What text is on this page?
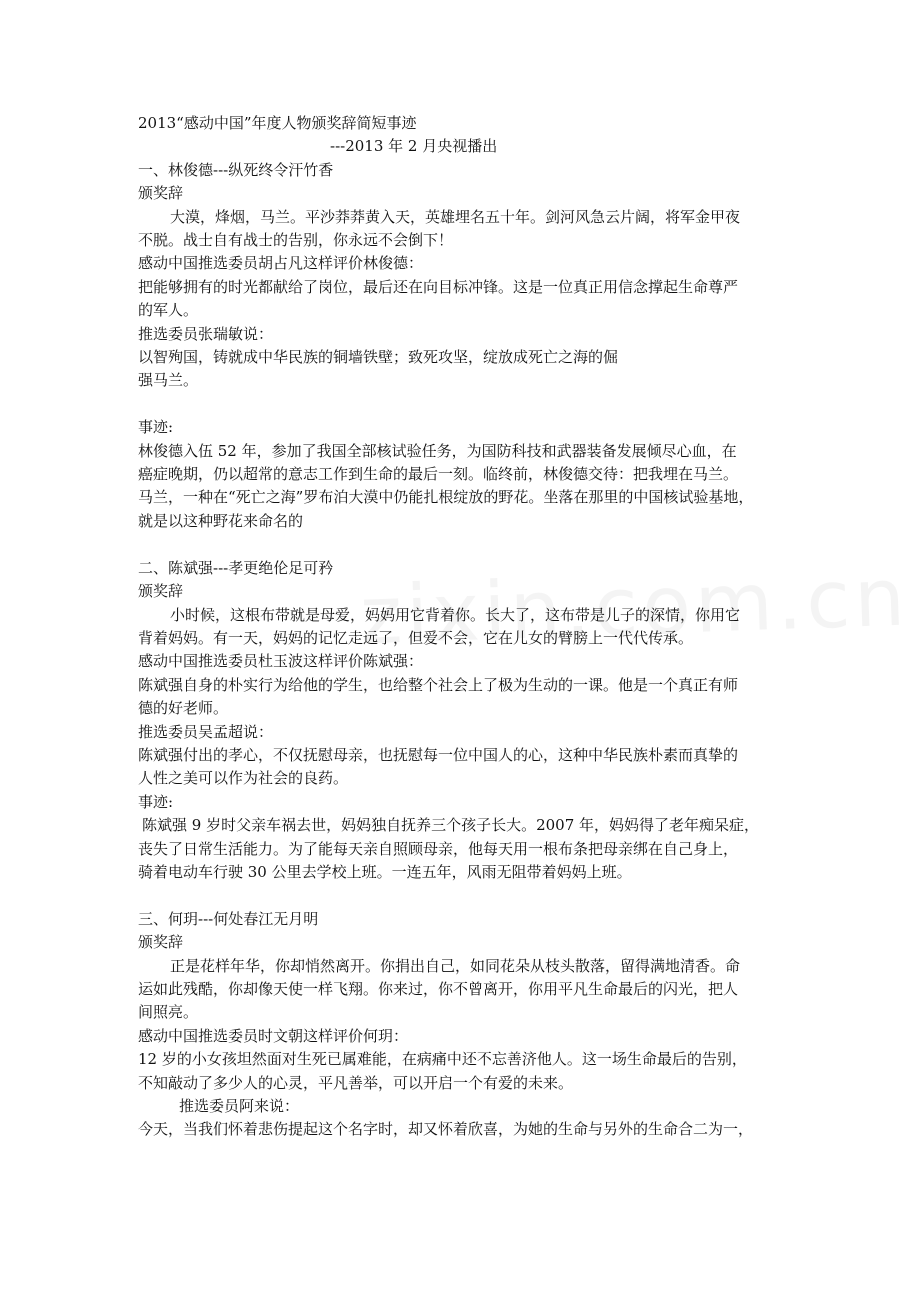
2013“感动中国”年度人物颁奖辞简短事迹
---2013 年 2 月央视播出
一、林俊德---纵死终令汗竹香
颁奖辞
大漠，烽烟，马兰。平沙莽莽黄入天，英雄埋名五十年。剑河风急云片阔，将军金甲夜
不脱。战士自有战士的告别，你永远不会倒下！
感动中国推选委员胡占凡这样评价林俊德：
把能够拥有的时光都献给了岗位，最后还在向目标冲锋。这是一位真正用信念撑起生命尊严
的军人。
推选委员张瑞敏说：
以智殉国，铸就成中华民族的铜墙铁壁；致死攻坚，绽放成死亡之海的倔
强马兰。
事迹:
林俊德入伍 52 年，参加了我国全部核试验任务，为国防科技和武器装备发展倾尽心血，在
癌症晚期，仍以超常的意志工作到生命的最后一刻。临终前，林俊德交待：把我埋在马兰。
马兰，一种在“死亡之海”罗布泊大漠中仍能扎根绽放的野花。坐落在那里的中国核试验基地，
就是以这种野花来命名的
二、陈斌强---孝更绝伦足可矜
颁奖辞
小时候，这根布带就是母爱，妈妈用它背着你。长大了，这布带是儿子的深情，你用它
背着妈妈。有一天，妈妈的记忆走远了，但爱不会，它在儿女的臂膀上一代代传承。
感动中国推选委员杜玉波这样评价陈斌强：
陈斌强自身的朴实行为给他的学生，也给整个社会上了极为生动的一课。他是一个真正有师
德的好老师。
推选委员吴孟超说：
陈斌强付出的孝心，不仅抚慰母亲，也抚慰每一位中国人的心，这种中华民族朴素而真挚的
人性之美可以作为社会的良药。
事迹:
陈斌强 9 岁时父亲车祸去世，妈妈独自抚养三个孩子长大。2007 年，妈妈得了老年痴呆症，
丧失了日常生活能力。为了能每天亲自照顾母亲，他每天用一根布条把母亲绑在自己身上，
骑着电动车行驶 30 公里去学校上班。一连五年，风雨无阻带着妈妈上班。
三、何玥---何处春江无月明
颁奖辞
正是花样年华，你却悄然离开。你捐出自己，如同花朵从枝头散落，留得满地清香。命
运如此残酷，你却像天使一样飞翔。你来过，你不曾离开，你用平凡生命最后的闪光，把人
间照亮。
感动中国推选委员时文朝这样评价何玥：
12 岁的小女孩坦然面对生死已属难能，在病痛中还不忘善济他人。这一场生命最后的告别，
不知敲动了多少人的心灵，平凡善举，可以开启一个有爱的未来。
推选委员阿来说：
今天，当我们怀着悲伤提起这个名字时，却又怀着欣喜，为她的生命与另外的生命合二为一，
